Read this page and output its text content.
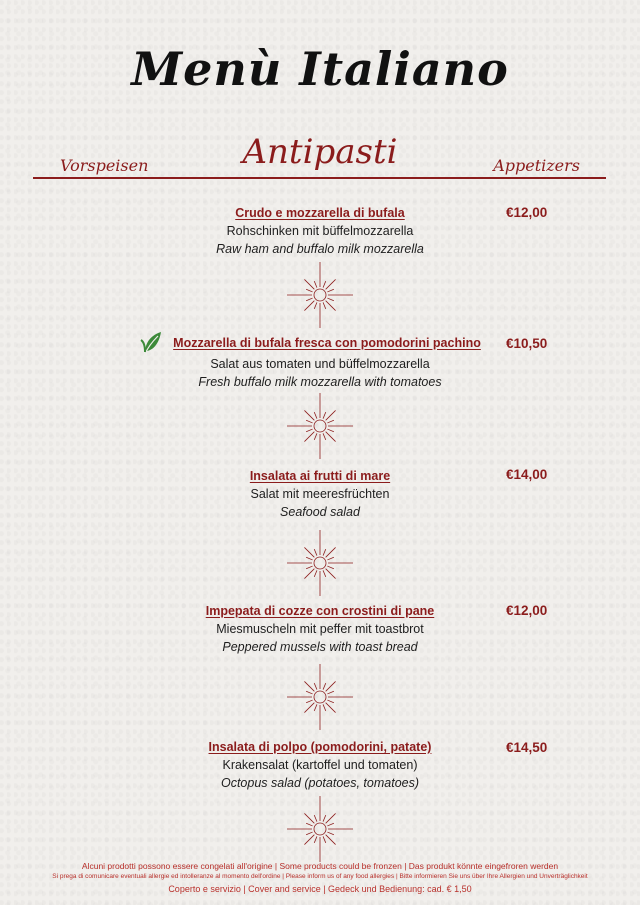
Menù Italiano
Vorspeisen	Antipasti	Appetizers
Crudo e mozzarella di bufala
Rohschinken mit büffelmozzarella
Raw ham and buffalo milk mozzarella
€12,00
Mozzarella di bufala fresca con pomodorini pachino
Salat aus tomaten und büffelmozzarella
Fresh buffalo milk mozzarella with tomatoes
€10,50
Insalata ai frutti di mare
Salat mit meeresfrüchten
Seafood salad
€14,00
Impepata di cozze con crostini di pane
Miesmuscheln mit peffer mit toastbrot
Peppered mussels with toast bread
€12,00
Insalata di polpo (pomodorini, patate)
Krakensalat (kartoffel und tomaten)
Octopus salad (potatoes, tomatoes)
€14,50
Alcuni prodotti possono essere congelati all'origine | Some products could be fronzen | Das produkt könnte eingefroren werden
Si prega di comunicare eventuali allergie ed intolleranze al momento dell'ordine | Please inform us of any food allergies | Bitte informieren Sie uns über Ihre Allergien und Unverträglichkeit
Coperto e servizio | Cover and service | Gedeck und Bedienung: cad. € 1,50
